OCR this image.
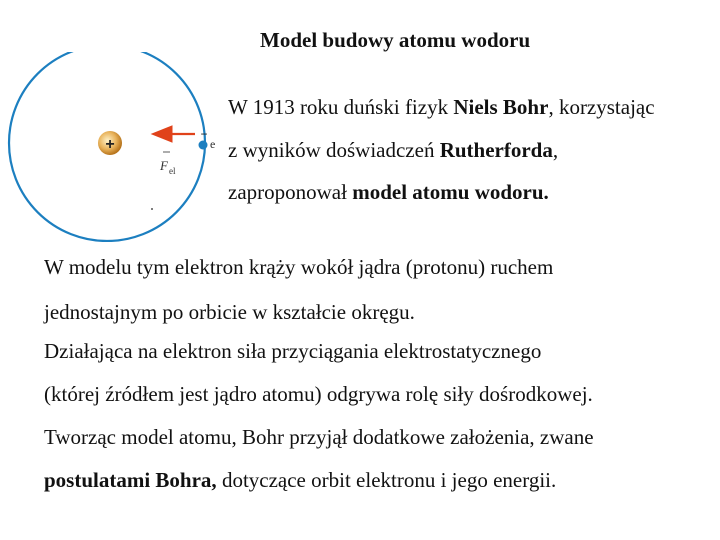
Model budowy atomu wodoru
+
−
e
F el
W 1913 roku duński fizyk Niels Bohr, korzystając
z wyników doświadczeń Rutherforda,
zaproponował model atomu wodoru.
W modelu tym elektron krąży wokół jądra (protonu) ruchem
jednostajnym po orbicie w kształcie okręgu.
Działająca na elektron siła przyciągania elektrostatycznego
(której źródłem jest jądro atomu) odgrywa rolę siły dośrodkowej.
Tworząc model atomu, Bohr przyjął dodatkowe założenia, zwane
postulatami Bohra, dotyczące orbit elektronu i jego energii.
